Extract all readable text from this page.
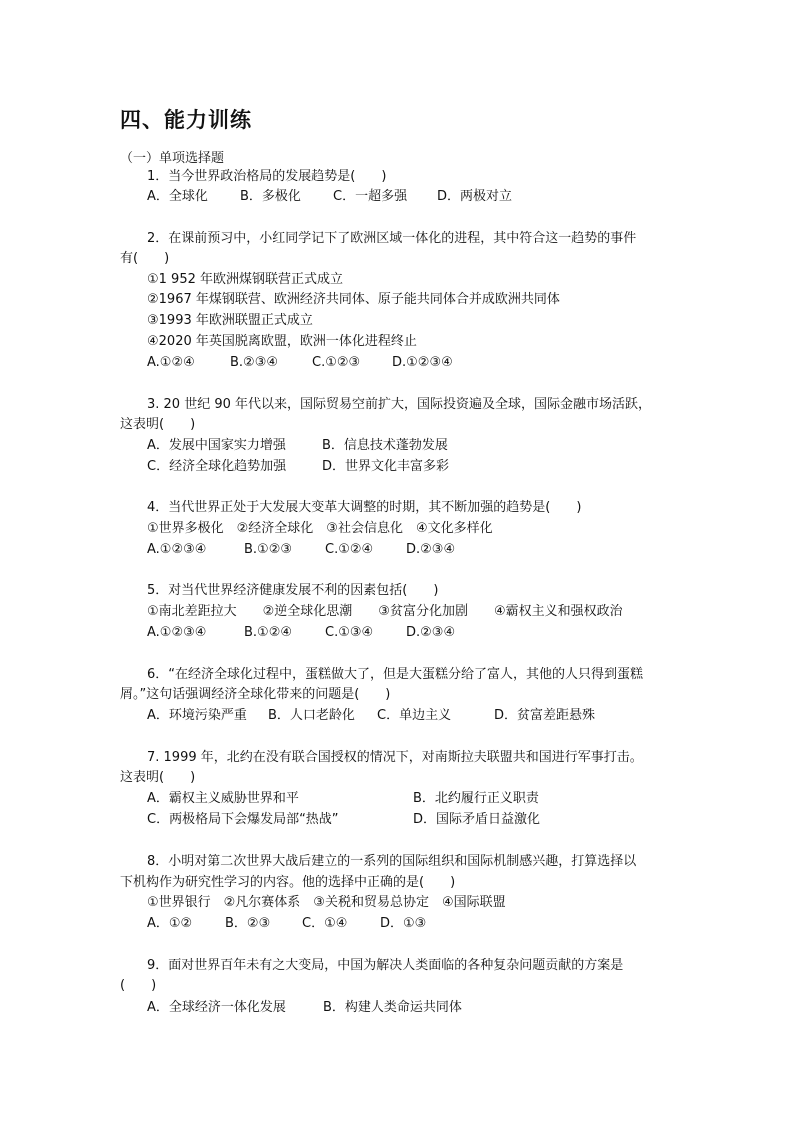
四、能力训练
（一）单项选择题
1．当今世界政治格局的发展趋势是(　　)
A．全球化 B．多极化 C．一超多强 D．两极对立
2．在课前预习中，小红同学记下了欧洲区域一体化的进程，其中符合这一趋势的事件
有(　　)
①1 952 年欧洲煤钢联营正式成立
②1967 年煤钢联营、欧洲经济共同体、原子能共同体合并成欧洲共同体
③1993 年欧洲联盟正式成立
④2020 年英国脱离欧盟，欧洲一体化进程终止
A.①②④	B.②③④	C.①②③ D.①②③④
3. 20 世纪 90 年代以来，国际贸易空前扩大，国际投资遍及全球，国际金融市场活跃，
这表明(　　)
A．发展中国家实力增强	B．信息技术蓬勃发展
C．经济全球化趋势加强	D．世界文化丰富多彩
4．当代世界正处于大发展大变革大调整的时期，其不断加强的趋势是(　　)
①世界多极化　②经济全球化　③社会信息化　④文化多样化
A.①②③④	B.①②③	C.①②④	D.②③④
5．对当代世界经济健康发展不利的因素包括(　　)
①南北差距拉大　　②逆全球化思潮　　③贫富分化加剧　　④霸权主义和强权政治
A.①②③④	B.①②④	C.①③④	D.②③④
6．“在经济全球化过程中，蛋糕做大了，但是大蛋糕分给了富人，其他的人只得到蛋糕
屑。”这句话强调经济全球化带来的问题是(　　)
A．环境污染严重 B．人口老龄化 C．单边主义	D．贫富差距悬殊
7. 1999 年，北约在没有联合国授权的情况下，对南斯拉夫联盟共和国进行军事打击。
这表明(　　)
A．霸权主义威胁世界和平	B．北约履行正义职责
C．两极格局下会爆发局部“热战”	D．国际矛盾日益激化
8．小明对第二次世界大战后建立的一系列的国际组织和国际机制感兴趣，打算选择以
下机构作为研究性学习的内容。他的选择中正确的是(　　)
①世界银行　②凡尔赛体系　③关税和贸易总协定　④国际联盟
A．①②	B．②③ C．①④	D．①③
9．面对世界百年未有之大变局，中国为解决人类面临的各种复杂问题贡献的方案是
(　　)
A．全球经济一体化发展	B．构建人类命运共同体
